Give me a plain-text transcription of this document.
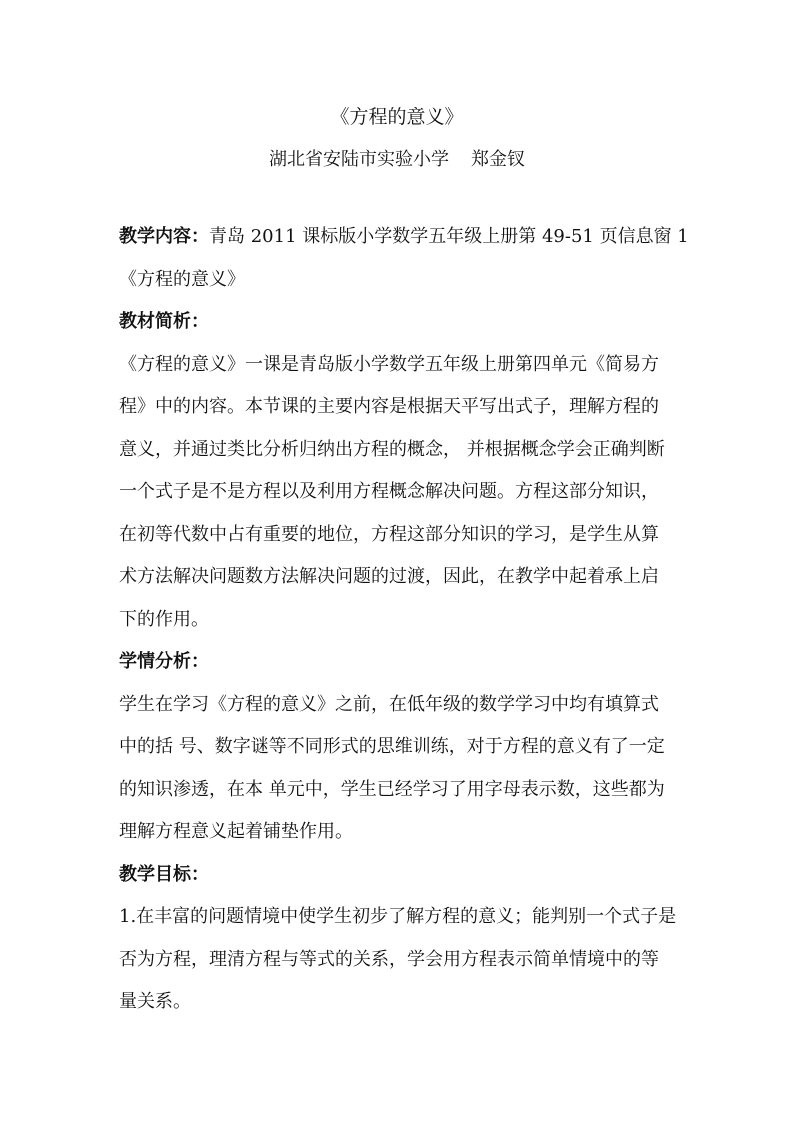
《方程的意义》
湖北省安陆市实验小学 郑金钗

教学内容：青岛 2011 课标版小学数学五年级上册第 49-51 页信息窗 1

《方程的意义》

教材简析：

《方程的意义》一课是青岛版小学数学五年级上册第四单元《简易方

程》中的内容。本节课的主要内容是根据天平写出式子，理解方程的

意义，并通过类比分析归纳出方程的概念， 并根据概念学会正确判断

一个式子是不是方程以及利用方程概念解决问题。方程这部分知识，

在初等代数中占有重要的地位，方程这部分知识的学习，是学生从算

术方法解决问题数方法解决问题的过渡，因此，在教学中起着承上启

下的作用。

学情分析：

学生在学习《方程的意义》之前，在低年级的数学学习中均有填算式

中的括 号、数字谜等不同形式的思维训练，对于方程的意义有了一定

的知识渗透，在本 单元中，学生已经学习了用字母表示数，这些都为

理解方程意义起着铺垫作用。

教学目标：

1.在丰富的问题情境中使学生初步了解方程的意义；能判别一个式子是

否为方程，理清方程与等式的关系，学会用方程表示简单情境中的等

量关系。
